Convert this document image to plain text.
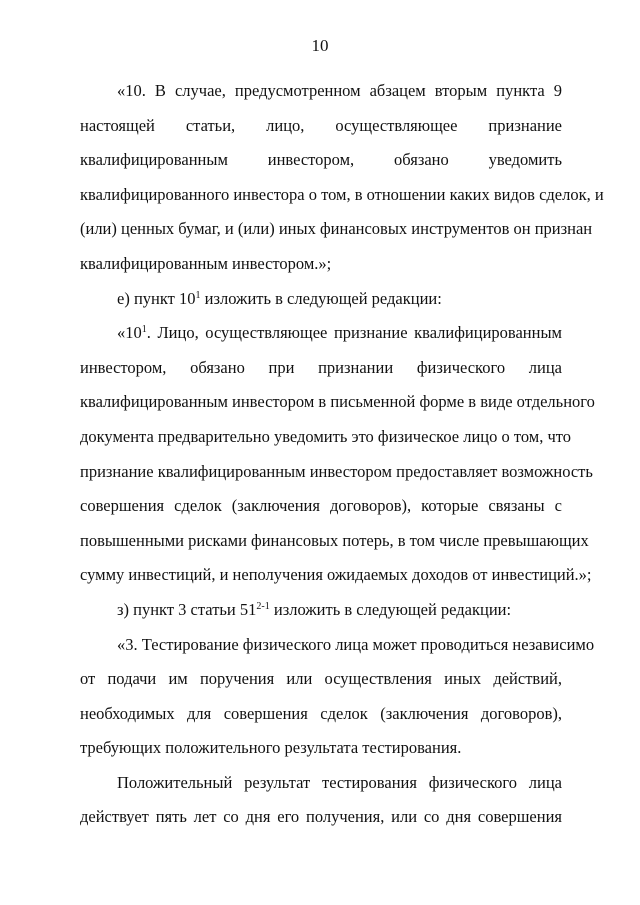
10
«10. В случае, предусмотренном абзацем вторым пункта 9
настоящей статьи, лицо, осуществляющее признание
квалифицированным инвестором, обязано уведомить
квалифицированного инвестора о том, в отношении каких видов сделок, и
(или) ценных бумаг, и (или) иных финансовых инструментов он признан
квалифицированным инвестором.»;
е) пункт $10^1$ изложить в следующей редакции:
«$10^1$. Лицо, осуществляющее признание квалифицированным
инвестором, обязано при признании физического лица
квалифицированным инвестором в письменной форме в виде отдельного
документа предварительно уведомить это физическое лицо о том, что
признание квалифицированным инвестором предоставляет возможность
совершения сделок (заключения договоров), которые связаны с
повышенными рисками финансовых потерь, в том числе превышающих
сумму инвестиций, и неполучения ожидаемых доходов от инвестиций.»;
з) пункт 3 статьи 51$^{2-1}$ изложить в следующей редакции:
«3. Тестирование физического лица может проводиться независимо
от подачи им поручения или осуществления иных действий,
необходимых для совершения сделок (заключения договоров),
требующих положительного результата тестирования.
Положительный результат тестирования физического лица
действует пять лет со дня его получения, или со дня совершения
